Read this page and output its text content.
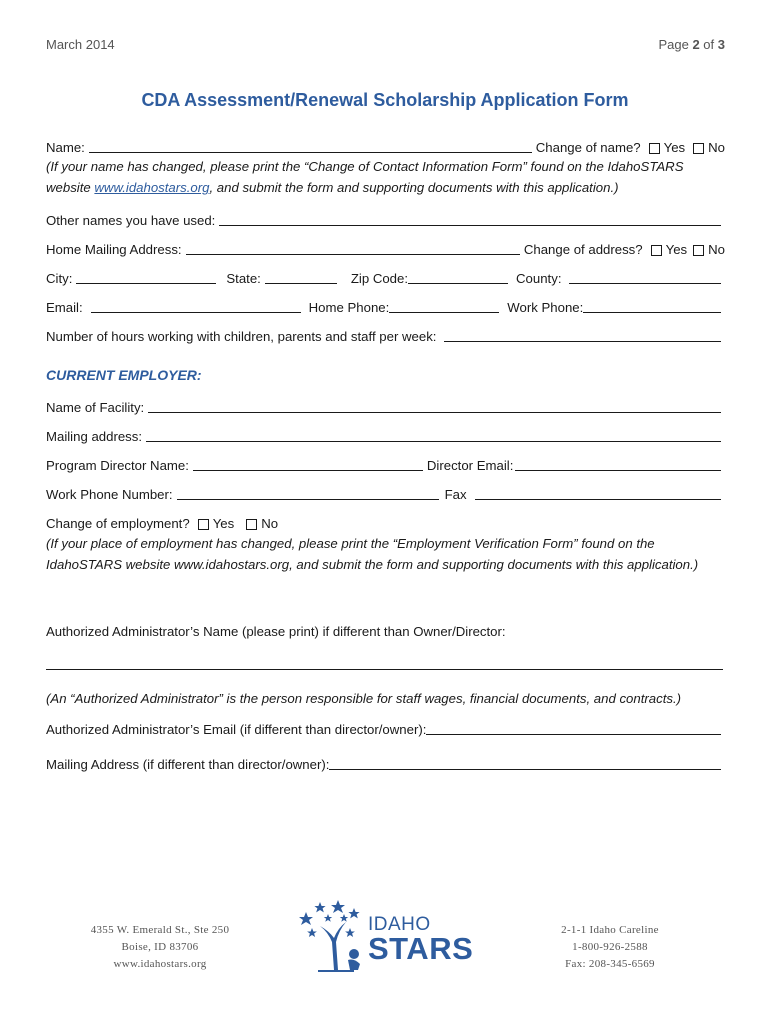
March 2014	Page 2 of 3
CDA Assessment/Renewal Scholarship Application Form
Name:	Change of name? Yes No
(If your name has changed, please print the “Change of Contact Information Form” found on the IdahoSTARS
website www.idahostars.org, and submit the form and supporting documents with this application.)
Other names you have used:
Home Mailing Address:	Change of address? Yes No
City:	State:	Zip Code:	County:
Email:	Home Phone:	Work Phone:
Number of hours working with children, parents and staff per week:
CURRENT EMPLOYER:
Name of Facility:
Mailing address:
Program Director Name:	Director Email:
Work Phone Number:	Fax
Change of employment? Yes No
(If your place of employment has changed, please print the “Employment Verification Form” found on the IdahoSTARS website www.idahostars.org, and submit the form and supporting documents with this application.)
Authorized Administrator’s Name (please print) if different than Owner/Director:
(An “Authorized Administrator” is the person responsible for staff wages, financial documents, and contracts.)
Authorized Administrator’s Email (if different than director/owner):
Mailing Address (if different than director/owner):
4355 W. Emerald St., Ste 250
Boise, ID 83706
www.idahostars.org
IDAHO
STARS
2-1-1 Idaho Careline
1-800-926-2588
Fax: 208-345-6569
